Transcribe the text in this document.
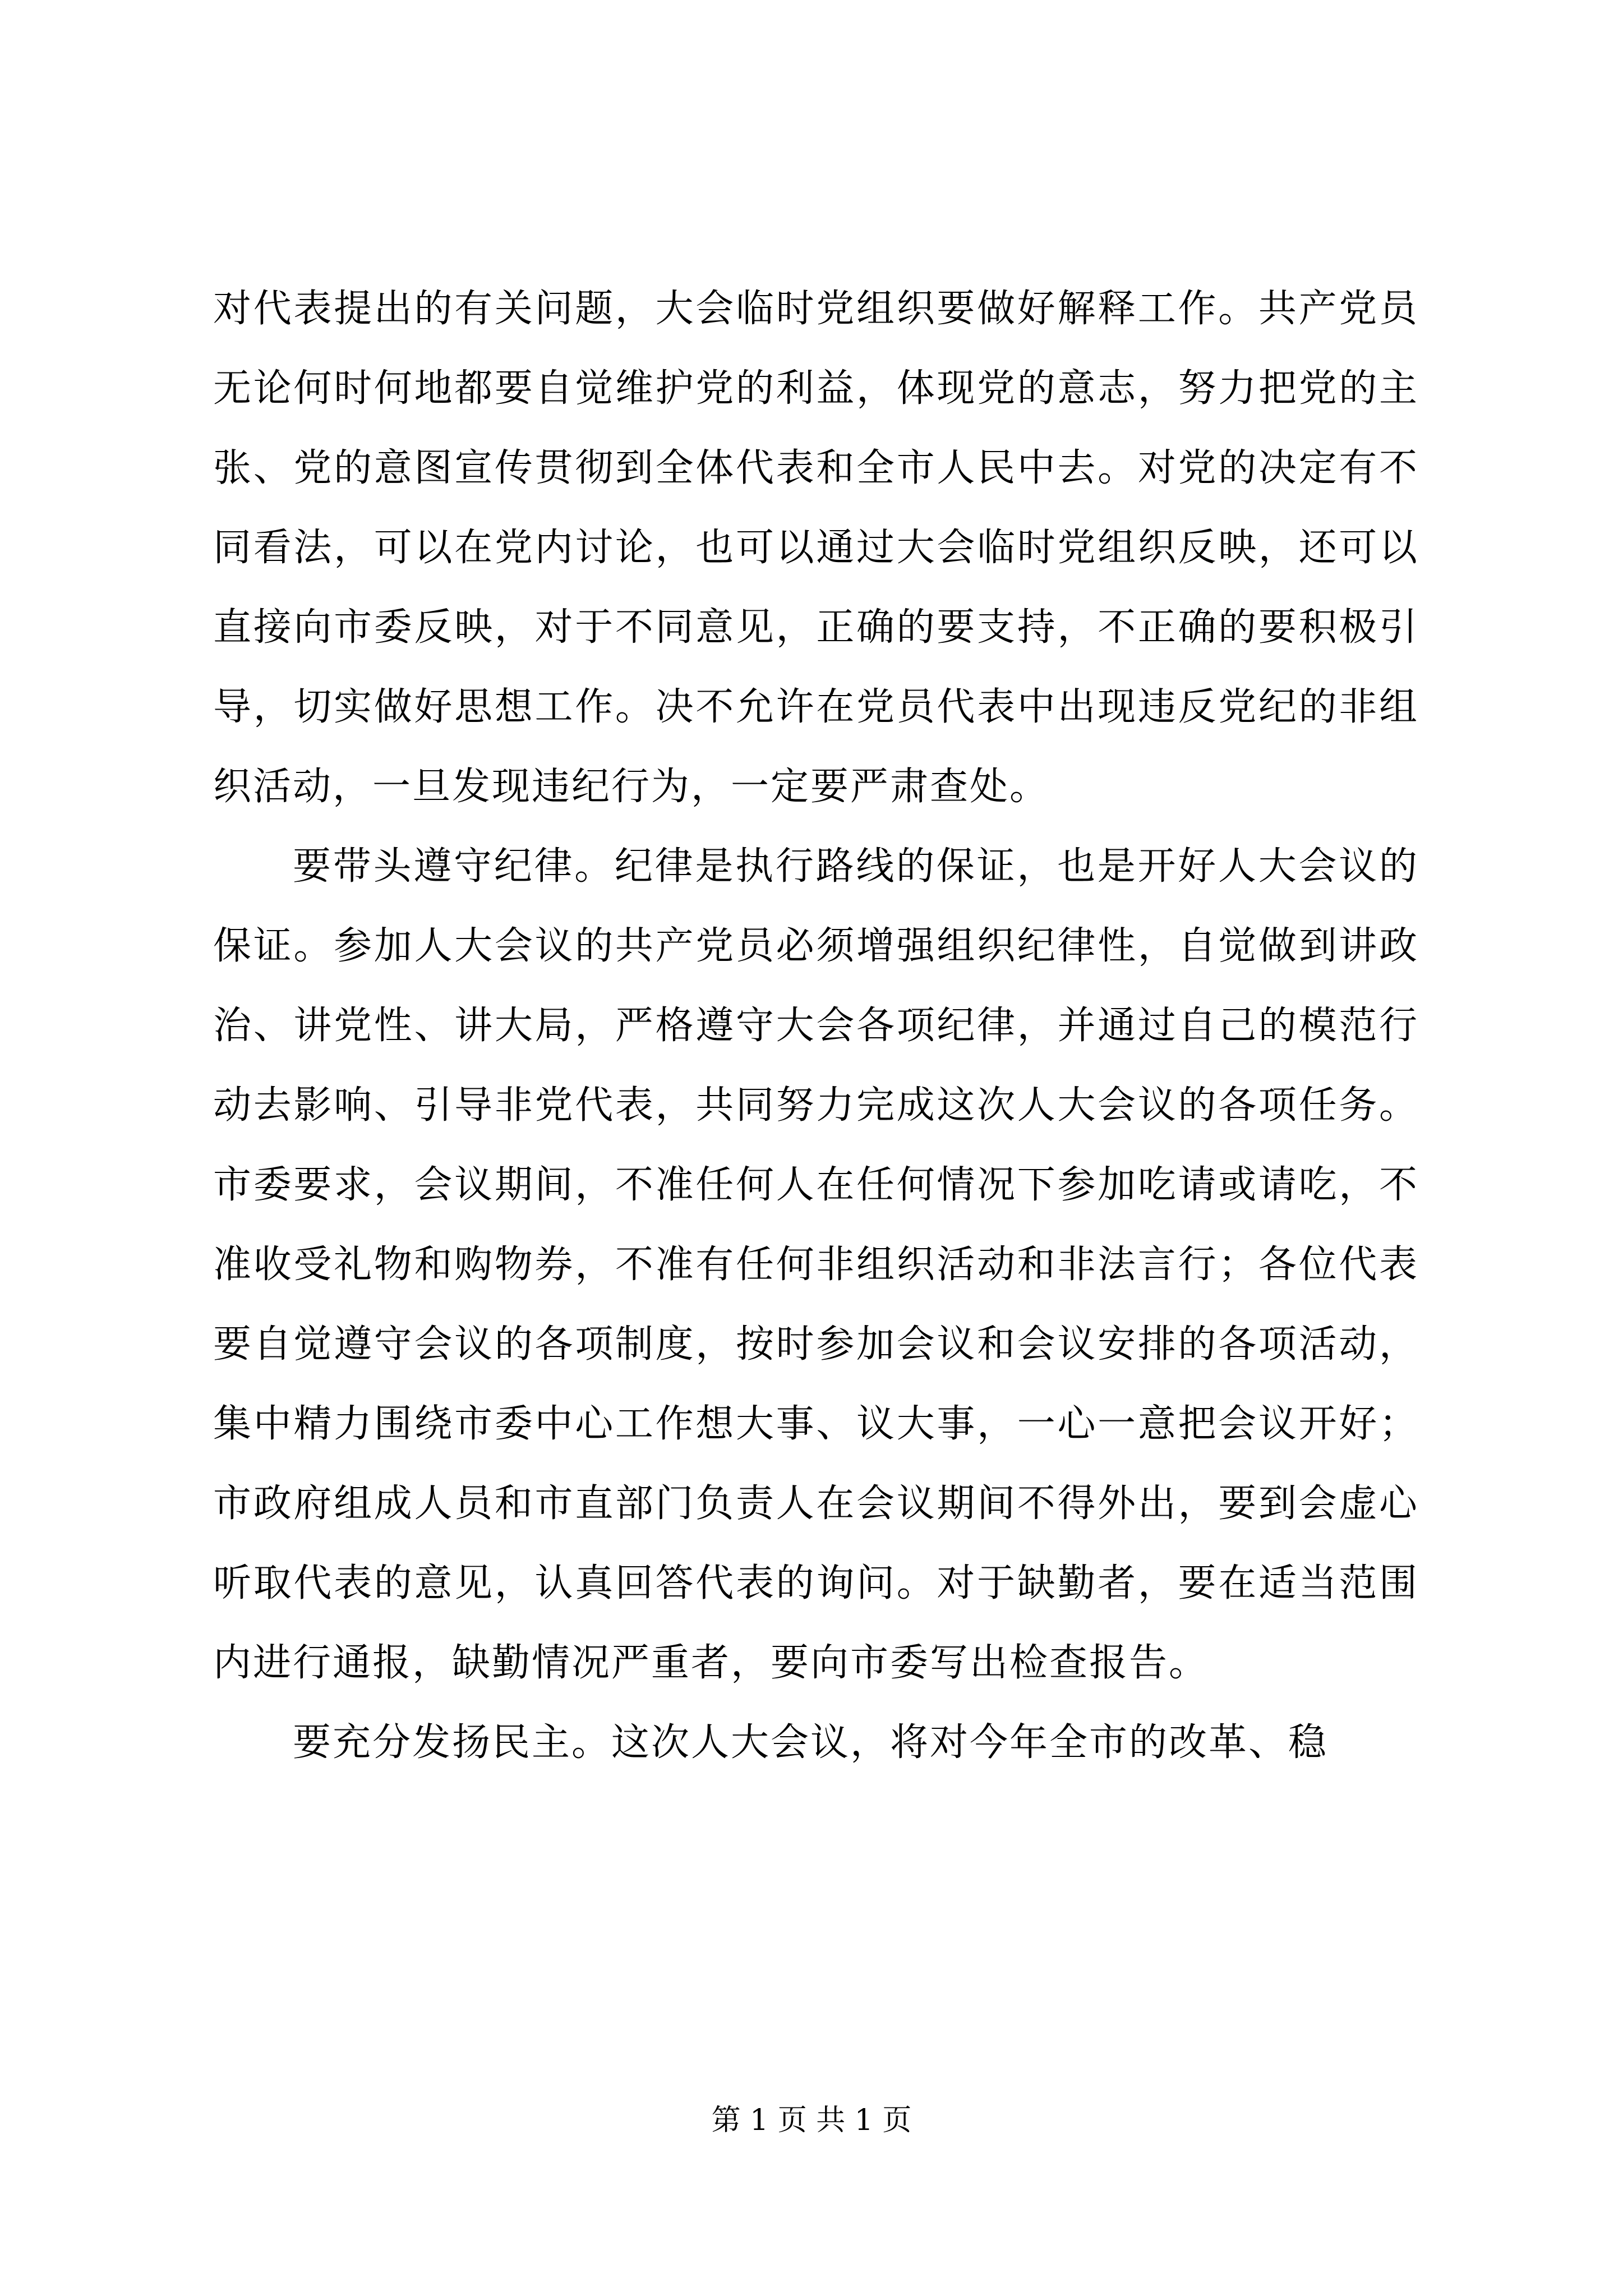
对代表提出的有关问题，大会临时党组织要做好解释工作。共产党员无论何时何地都要自觉维护党的利益，体现党的意志，努力把党的主张、党的意图宣传贯彻到全体代表和全市人民中去。对党的决定有不同看法，可以在党内讨论，也可以通过大会临时党组织反映，还可以直接向市委反映，对于不同意见，正确的要支持，不正确的要积极引导，切实做好思想工作。决不允许在党员代表中出现违反党纪的非组织活动，一旦发现违纪行为，一定要严肃查处。

要带头遵守纪律。纪律是执行路线的保证，也是开好人大会议的保证。参加人大会议的共产党员必须增强组织纪律性，自觉做到讲政治、讲党性、讲大局，严格遵守大会各项纪律，并通过自己的模范行动去影响、引导非党代表，共同努力完成这次人大会议的各项任务。市委要求，会议期间，不准任何人在任何情况下参加吃请或请吃，不准收受礼物和购物券，不准有任何非组织活动和非法言行；各位代表要自觉遵守会议的各项制度，按时参加会议和会议安排的各项活动，集中精力围绕市委中心工作想大事、议大事，一心一意把会议开好；市政府组成人员和市直部门负责人在会议期间不得外出，要到会虚心听取代表的意见，认真回答代表的询问。对于缺勤者，要在适当范围内进行通报，缺勤情况严重者，要向市委写出检查报告。

要充分发扬民主。这次人大会议，将对今年全市的改革、稳

第 1 页 共 1 页
